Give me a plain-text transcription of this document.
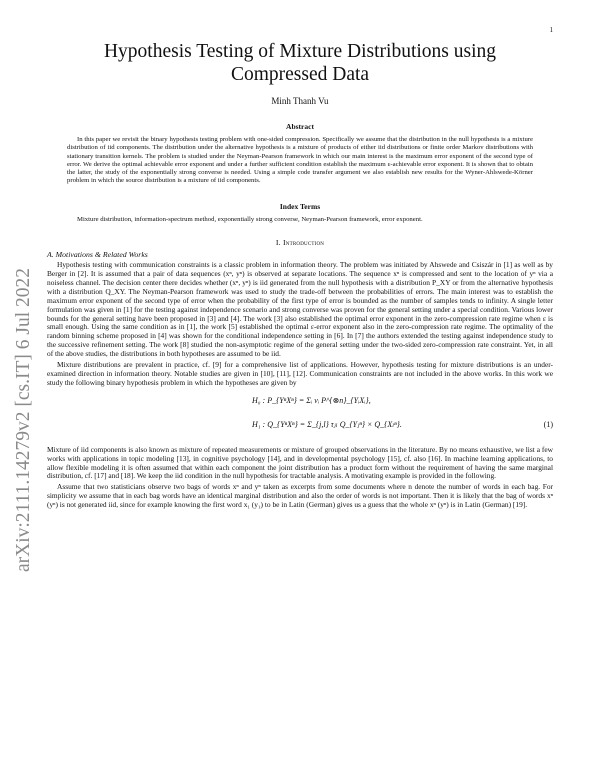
1
arXiv:2111.14279v2 [cs.IT] 6 Jul 2022
Hypothesis Testing of Mixture Distributions using Compressed Data
Minh Thanh Vu
Abstract

In this paper we revisit the binary hypothesis testing problem with one-sided compression. Specifically we assume that the distribution in the null hypothesis is a mixture distribution of iid components. The distribution under the alternative hypothesis is a mixture of products of either iid distributions or finite order Markov distributions with stationary transition kernels. The problem is studied under the Neyman-Pearson framework in which our main interest is the maximum error exponent of the second type of error. We derive the optimal achievable error exponent and under a further sufficient condition establish the maximum ε-achievable error exponent. It is shown that to obtain the latter, the study of the exponentially strong converse is needed. Using a simple code transfer argument we also establish new results for the Wyner-Ahlswede-Körner problem in which the source distribution is a mixture of iid components.

Index Terms

Mixture distribution, information-spectrum method, exponentially strong converse, Neyman-Pearson framework, error exponent.

I. Introduction
A. Motivations & Related Works

Hypothesis testing with communication constraints is a classic problem in information theory. The problem was initiated by Ahswede and Csiszár in [1] as well as by Berger in [2]. It is assumed that a pair of data sequences (xⁿ, yⁿ) is observed at separate locations. The sequence xⁿ is compressed and sent to the location of yⁿ via a noiseless channel. The decision center there decides whether (xⁿ, yⁿ) is iid generated from the null hypothesis with a distribution P_XY or from the alternative hypothesis with a distribution Q_XY. The Neyman-Pearson framework was used to study the trade-off between the probabilities of errors. The main interest was to establish the maximum error exponent of the second type of error when the probability of the first type of error is bounded as the number of samples tends to infinity. A single letter formulation was given in [1] for the testing against independence scenario and strong converse was proven for the general setting under a special condition. Various lower bounds for the general setting have been proposed in [3] and [4]. The work [3] also established the optimal error exponent in the zero-compression rate regime when ε is small enough. Using the same condition as in [1], the work [5] established the optimal ε-error exponent also in the zero-compression rate regime. The optimality of the random binning scheme proposed in [4] was shown for the conditional independence setting in [6]. In [7] the authors extended the testing against independence study to the successive refinement setting. The work [8] studied the non-asymptotic regime of the general setting under the two-sided zero-compression rate constraint. Yet, in all of the above studies, the distributions in both hypotheses are assumed to be iid.

Mixture distributions are prevalent in practice, cf. [9] for a comprehensive list of applications. However, hypothesis testing for mixture distributions is an under-examined direction in information theory. Notable studies are given in [10], [11], [12]. Communication constraints are not included in the above works. In this work we study the following binary hypothesis problem in which the hypotheses are given by

H₀ : P_{YⁿXⁿ} = Σᵢ νᵢ P^{⊗n}_{YᵢXᵢ},
H₁ : Q_{YⁿXⁿ} = Σ_{j,l} τⱼₗ Q_{Yⱼⁿ} × Q_{Xₗⁿ}.	(1)

Mixture of iid components is also known as mixture of repeated measurements or mixture of grouped observations in the literature. By no means exhaustive, we list a few works with applications in topic modeling [13], in cognitive psychology [14], and in developmental psychology [15], cf. also [16]. In machine learning applications, to allow flexible modeling it is often assumed that within each component the joint distribution has a product form without the requirement of having the same marginal distribution, cf. [17] and [18]. We keep the iid condition in the null hypothesis for tractable analysis. A motivating example is provided in the following.

Assume that two statisticians observe two bags of words xⁿ and yⁿ taken as excerpts from some documents where n denote the number of words in each bag. For simplicity we assume that in each bag words have an identical marginal distribution and also the order of words is not important. Then it is likely that the bag of words xⁿ (yⁿ) is not generated iid, since for example knowing the first word x₁ (y₁) to be in Latin (German) gives us a guess that the whole xⁿ (yⁿ) is in Latin (German) [19].
